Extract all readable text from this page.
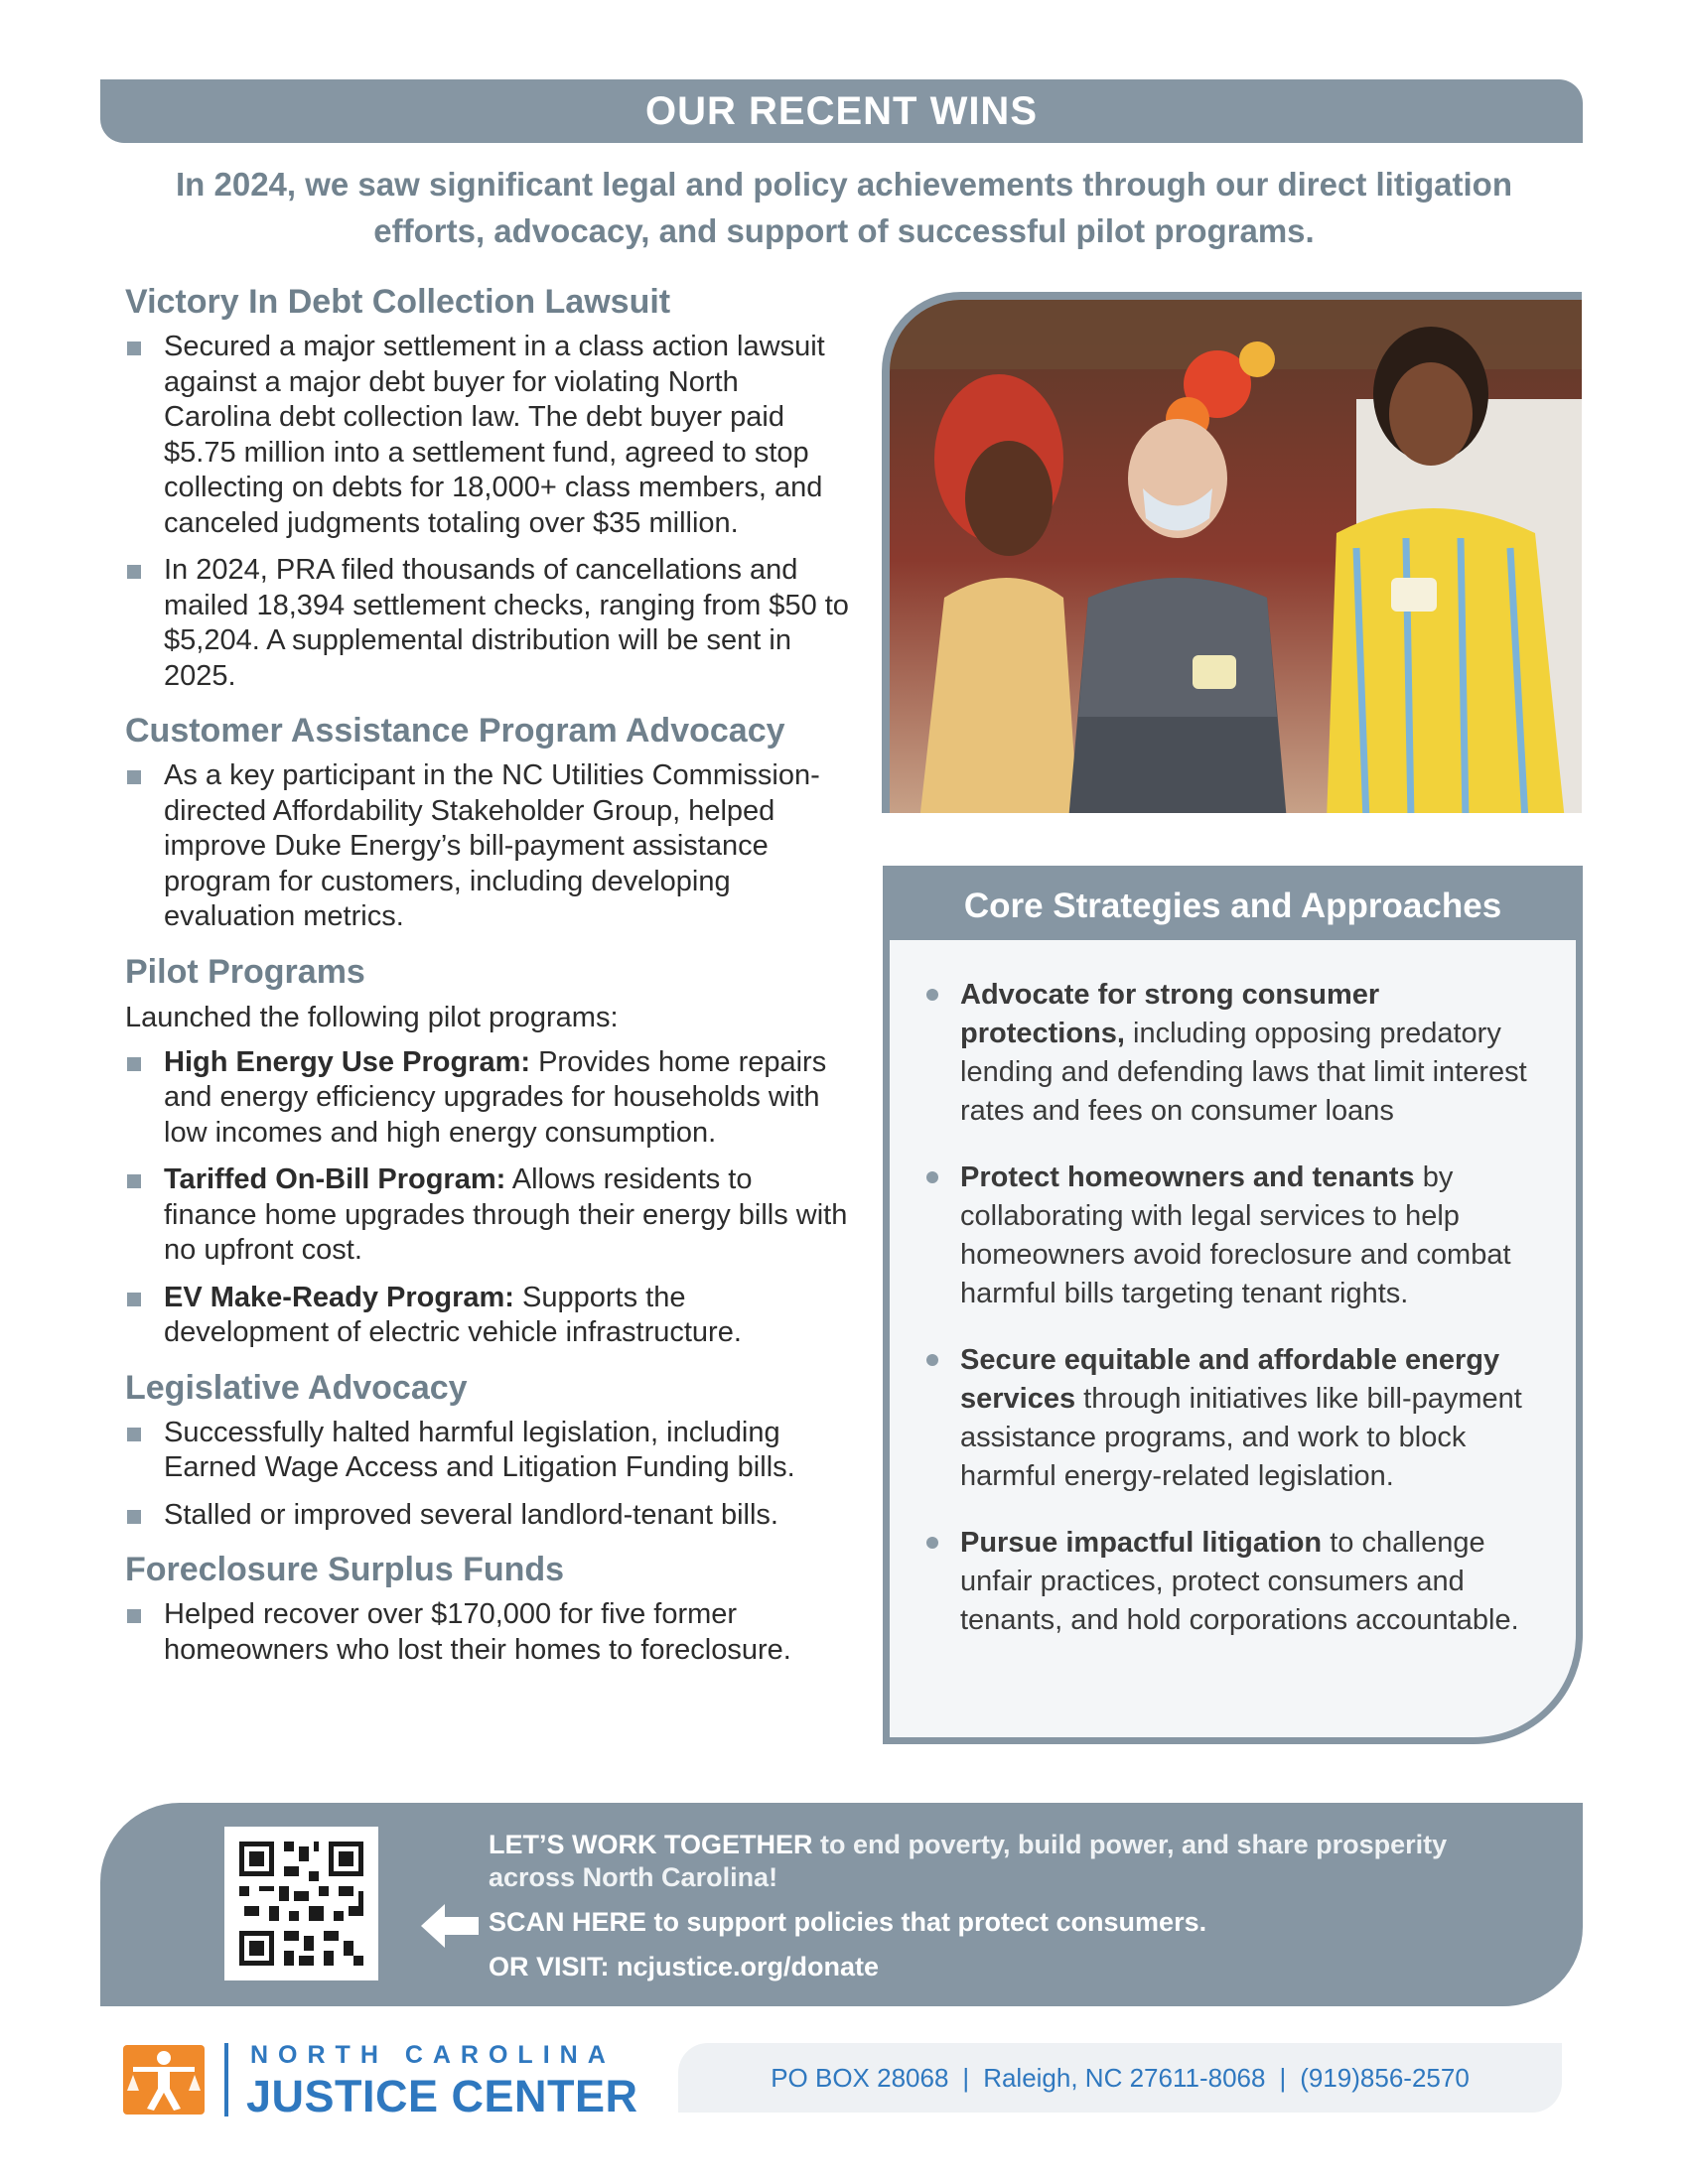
OUR RECENT WINS
In 2024, we saw significant legal and policy achievements through our direct litigation efforts, advocacy, and support of successful pilot programs.
Victory In Debt Collection Lawsuit
Secured a major settlement in a class action lawsuit against a major debt buyer for violating North Carolina debt collection law. The debt buyer paid $5.75 million into a settlement fund, agreed to stop collecting on debts for 18,000+ class members, and canceled judgments totaling over $35 million.
In 2024, PRA filed thousands of cancellations and mailed 18,394 settlement checks, ranging from $50 to $5,204. A supplemental distribution will be sent in 2025.
Customer Assistance Program Advocacy
As a key participant in the NC Utilities Commission-directed Affordability Stakeholder Group, helped improve Duke Energy’s bill-payment assistance program for customers, including developing evaluation metrics.
Pilot Programs

Launched the following pilot programs:

High Energy Use Program: Provides home repairs and energy efficiency upgrades for households with low incomes and high energy consumption.
Tariffed On-Bill Program: Allows residents to finance home upgrades through their energy bills with no upfront cost.
EV Make-Ready Program: Supports the development of electric vehicle infrastructure.
Legislative Advocacy
Successfully halted harmful legislation, including Earned Wage Access and Litigation Funding bills.
Stalled or improved several landlord-tenant bills.
Foreclosure Surplus Funds
Helped recover over $170,000 for five former homeowners who lost their homes to foreclosure.
Core Strategies and Approaches
Advocate for strong consumer protections, including opposing predatory lending and defending laws that limit interest rates and fees on consumer loans
Protect homeowners and tenants by collaborating with legal services to help homeowners avoid foreclosure and combat harmful bills targeting tenant rights.
Secure equitable and affordable energy services through initiatives like bill-payment assistance programs, and work to block harmful energy-related legislation.
Pursue impactful litigation to challenge unfair practices, protect consumers and tenants, and hold corporations accountable.

LET’S WORK TOGETHER to end poverty, build power, and share prosperity across North Carolina!

SCAN HERE to support policies that protect consumers.

OR VISIT: ncjustice.org/donate

NORTH CAROLINA
JUSTICE CENTER	PO BOX 28068 | Raleigh, NC 27611-8068 | (919)856-2570
